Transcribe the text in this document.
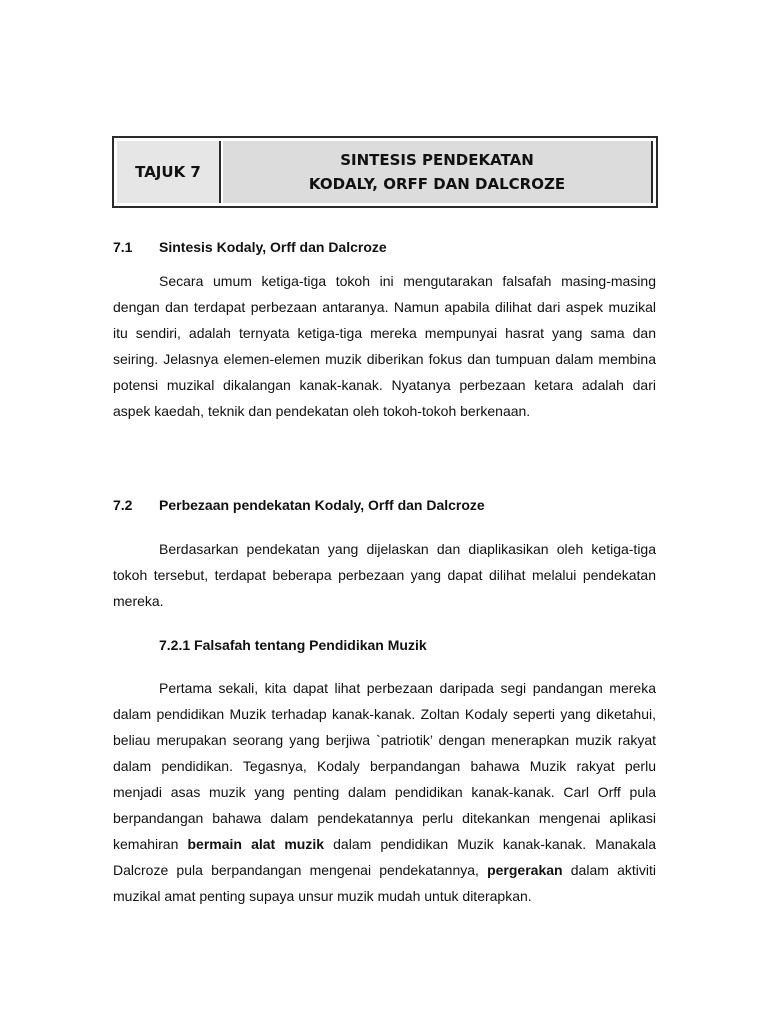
TAJUK 7
SINTESIS PENDEKATAN
KODALY, ORFF DAN DALCROZE
7.1 Sintesis Kodaly, Orff dan Dalcroze

Secara umum ketiga-tiga tokoh ini mengutarakan falsafah masing-masing dengan dan terdapat perbezaan antaranya. Namun apabila dilihat dari aspek muzikal itu sendiri, adalah ternyata ketiga-tiga mereka mempunyai hasrat yang sama dan seiring. Jelasnya elemen-elemen muzik diberikan fokus dan tumpuan dalam membina potensi muzikal dikalangan kanak-kanak. Nyatanya perbezaan ketara adalah dari aspek kaedah, teknik dan pendekatan oleh tokoh-tokoh berkenaan.

7.2 Perbezaan pendekatan Kodaly, Orff dan Dalcroze

Berdasarkan pendekatan yang dijelaskan dan diaplikasikan oleh ketiga-tiga tokoh tersebut, terdapat beberapa perbezaan yang dapat dilihat melalui pendekatan mereka.

7.2.1 Falsafah tentang Pendidikan Muzik

Pertama sekali, kita dapat lihat perbezaan daripada segi pandangan mereka dalam pendidikan Muzik terhadap kanak-kanak. Zoltan Kodaly seperti yang diketahui, beliau merupakan seorang yang berjiwa `patriotik’ dengan menerapkan muzik rakyat dalam pendidikan. Tegasnya, Kodaly berpandangan bahawa Muzik rakyat perlu menjadi asas muzik yang penting dalam pendidikan kanak-kanak. Carl Orff pula berpandangan bahawa dalam pendekatannya perlu ditekankan mengenai aplikasi kemahiran bermain alat muzik dalam pendidikan Muzik kanak-kanak. Manakala Dalcroze pula berpandangan mengenai pendekatannya, pergerakan dalam aktiviti muzikal amat penting supaya unsur muzik mudah untuk diterapkan.
